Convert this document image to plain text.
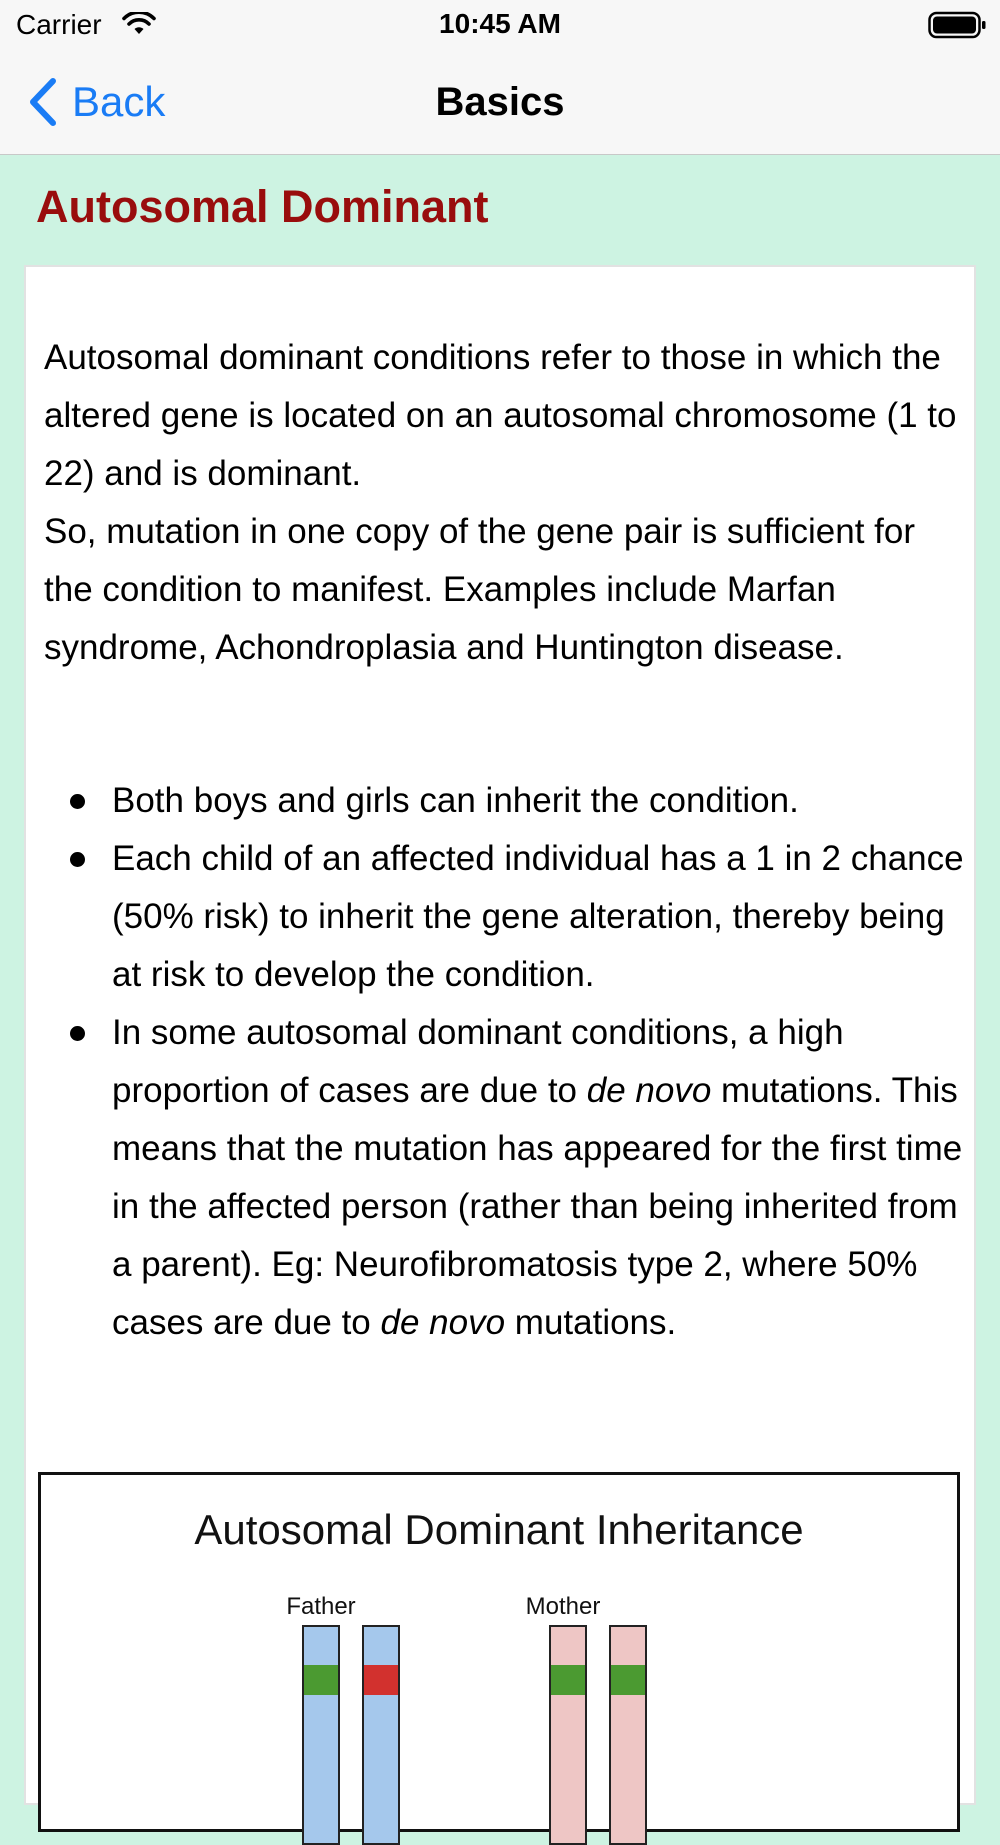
Carrier	10:45 AM
Back	Basics
Autosomal Dominant
Autosomal dominant conditions refer to those in which the altered gene is located on an autosomal chromosome (1 to 22) and is dominant.
So, mutation in one copy of the gene pair is sufficient for the condition to manifest. Examples include Marfan syndrome, Achondroplasia and Huntington disease.
Both boys and girls can inherit the condition.
Each child of an affected individual has a 1 in 2 chance (50% risk) to inherit the gene alteration, thereby being at risk to develop the condition.
In some autosomal dominant conditions, a high proportion of cases are due to de novo mutations. This means that the mutation has appeared for the first time in the affected person (rather than being inherited from a parent). Eg: Neurofibromatosis type 2, where 50% cases are due to de novo mutations.
Autosomal Dominant Inheritance
Father	Mother
